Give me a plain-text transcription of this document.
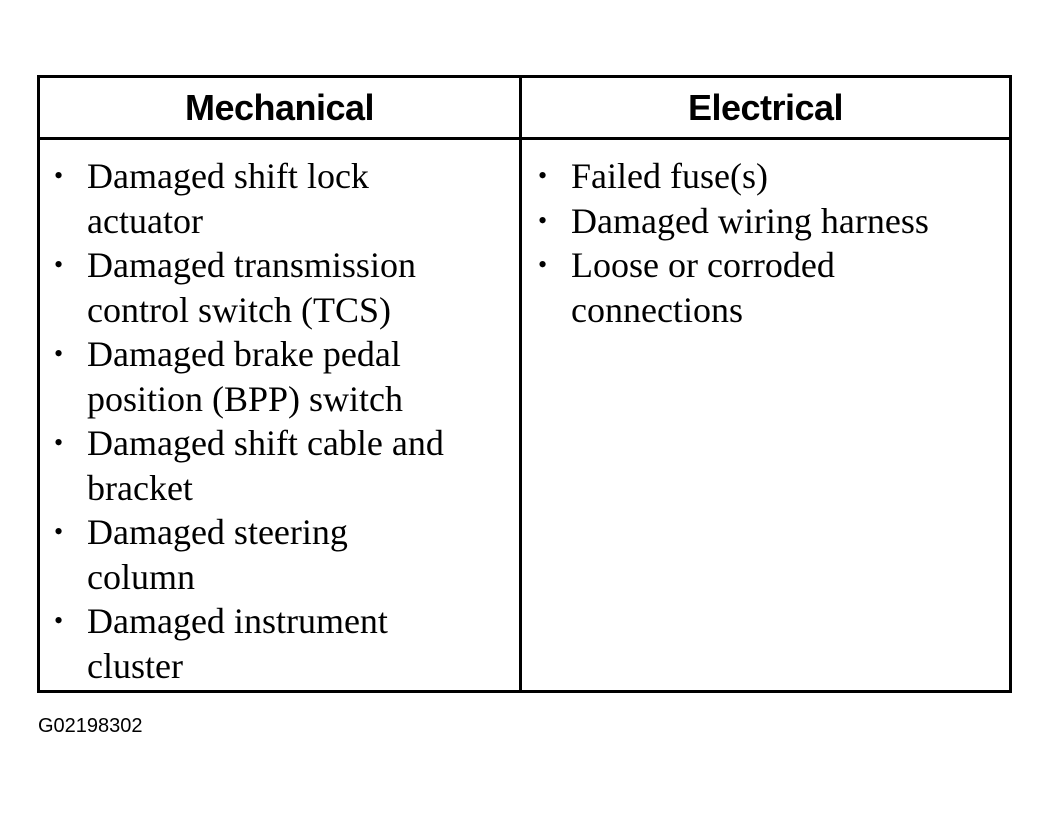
Mechanical	Electrical
• Damaged shift lock
actuator
• Damaged transmission
control switch (TCS)
• Damaged brake pedal
position (BPP) switch
• Damaged shift cable and
bracket
• Damaged steering
column
• Damaged instrument
cluster
• Failed fuse(s)
• Damaged wiring harness
• Loose or corroded
connections
G02198302
